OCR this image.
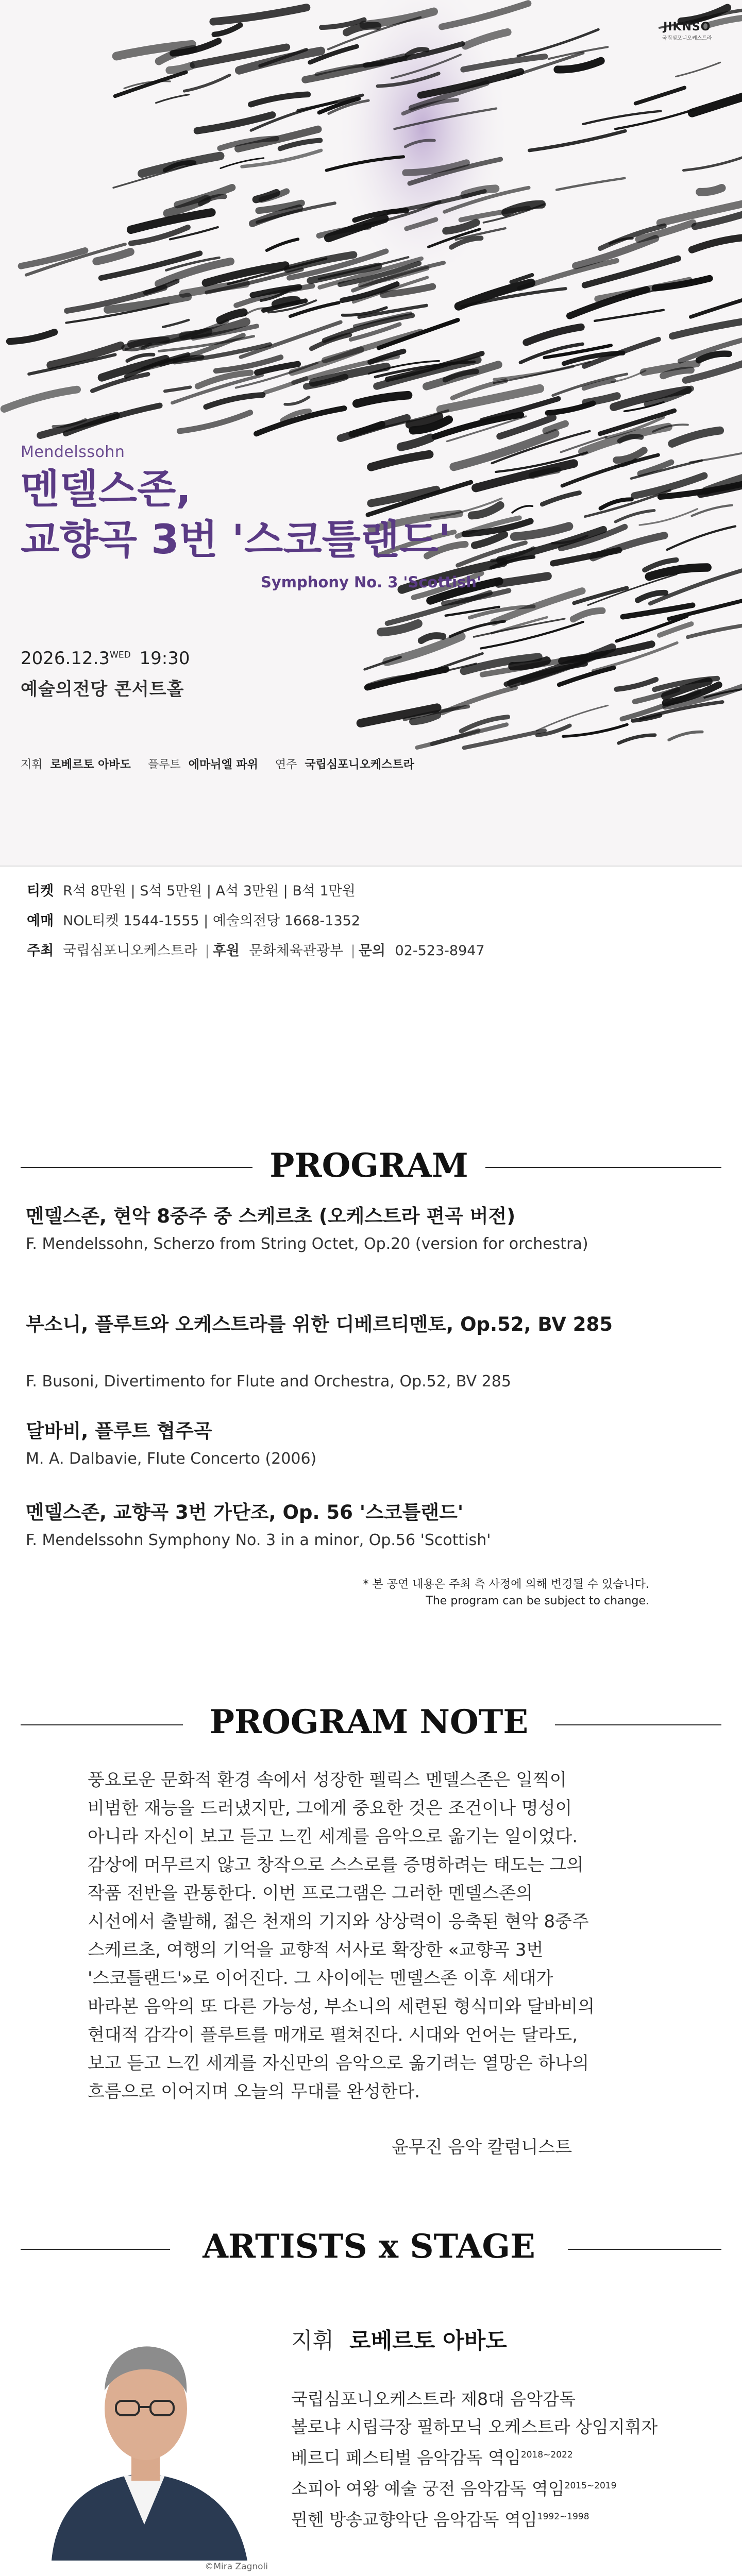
JIKNSO
국립심포니오케스트라
Mendelssohn
멘델스존,
교향곡 3번 '스코틀랜드'
Symphony No. 3 'Scottish'
$2026.12.3^{WED}$ 19:30
예술의전당 콘서트홀
지휘 로베르토 아바도 플루트 에마뉘엘 파위 연주 국립심포니오케스트라
티켓 R석 8만원 | S석 5만원 | A석 3만원 | B석 1만원
예매 NOL티켓 1544-1555 | 예술의전당 1668-1352
주최 국립심포니오케스트라 | 후원 문화체육관광부 | 문의 02-523-8947
PROGRAM
멘델스존, 현악 8중주 중 스케르초 (오케스트라 편곡 버전)
F. Mendelssohn, Scherzo from String Octet, Op.20 (version for orchestra)
부소니, 플루트와 오케스트라를 위한 디베르티멘토, Op.52, BV 285
F. Busoni, Divertimento for Flute and Orchestra, Op.52, BV 285
달바비, 플루트 협주곡
M. A. Dalbavie, Flute Concerto (2006)
멘델스존, 교향곡 3번 가단조, Op. 56 '스코틀랜드'
F. Mendelssohn Symphony No. 3 in a minor, Op.56 'Scottish'
* 본 공연 내용은 주최 측 사정에 의해 변경될 수 있습니다.
The program can be subject to change.
PROGRAM NOTE
풍요로운 문화적 환경 속에서 성장한 펠릭스 멘델스존은 일찍이
비범한 재능을 드러냈지만, 그에게 중요한 것은 조건이나 명성이
아니라 자신이 보고 듣고 느낀 세계를 음악으로 옮기는 일이었다.
감상에 머무르지 않고 창작으로 스스로를 증명하려는 태도는 그의
작품 전반을 관통한다. 이번 프로그램은 그러한 멘델스존의
시선에서 출발해, 젊은 천재의 기지와 상상력이 응축된 현악 8중주
스케르초, 여행의 기억을 교향적 서사로 확장한 «교향곡 3번
'스코틀랜드'»로 이어진다. 그 사이에는 멘델스존 이후 세대가
바라본 음악의 또 다른 가능성, 부소니의 세련된 형식미와 달바비의
현대적 감각이 플루트를 매개로 펼쳐진다. 시대와 언어는 달라도,
보고 듣고 느낀 세계를 자신만의 음악으로 옮기려는 열망은 하나의
흐름으로 이어지며 오늘의 무대를 완성한다.
윤무진 음악 칼럼니스트
ARTISTS x STAGE
©Mira Zagnoli
지휘 로베르토 아바도
국립심포니오케스트라 제8대 음악감독
볼로냐 시립극장 필하모닉 오케스트라 상임지휘자
베르디 페스티벌 음악감독 역임$^{2018\sim 2022}$
소피아 여왕 예술 궁전 음악감독 역임$^{2015\sim 2019}$
뮌헨 방송교향악단 음악감독 역임$^{1992\sim 1998}$
